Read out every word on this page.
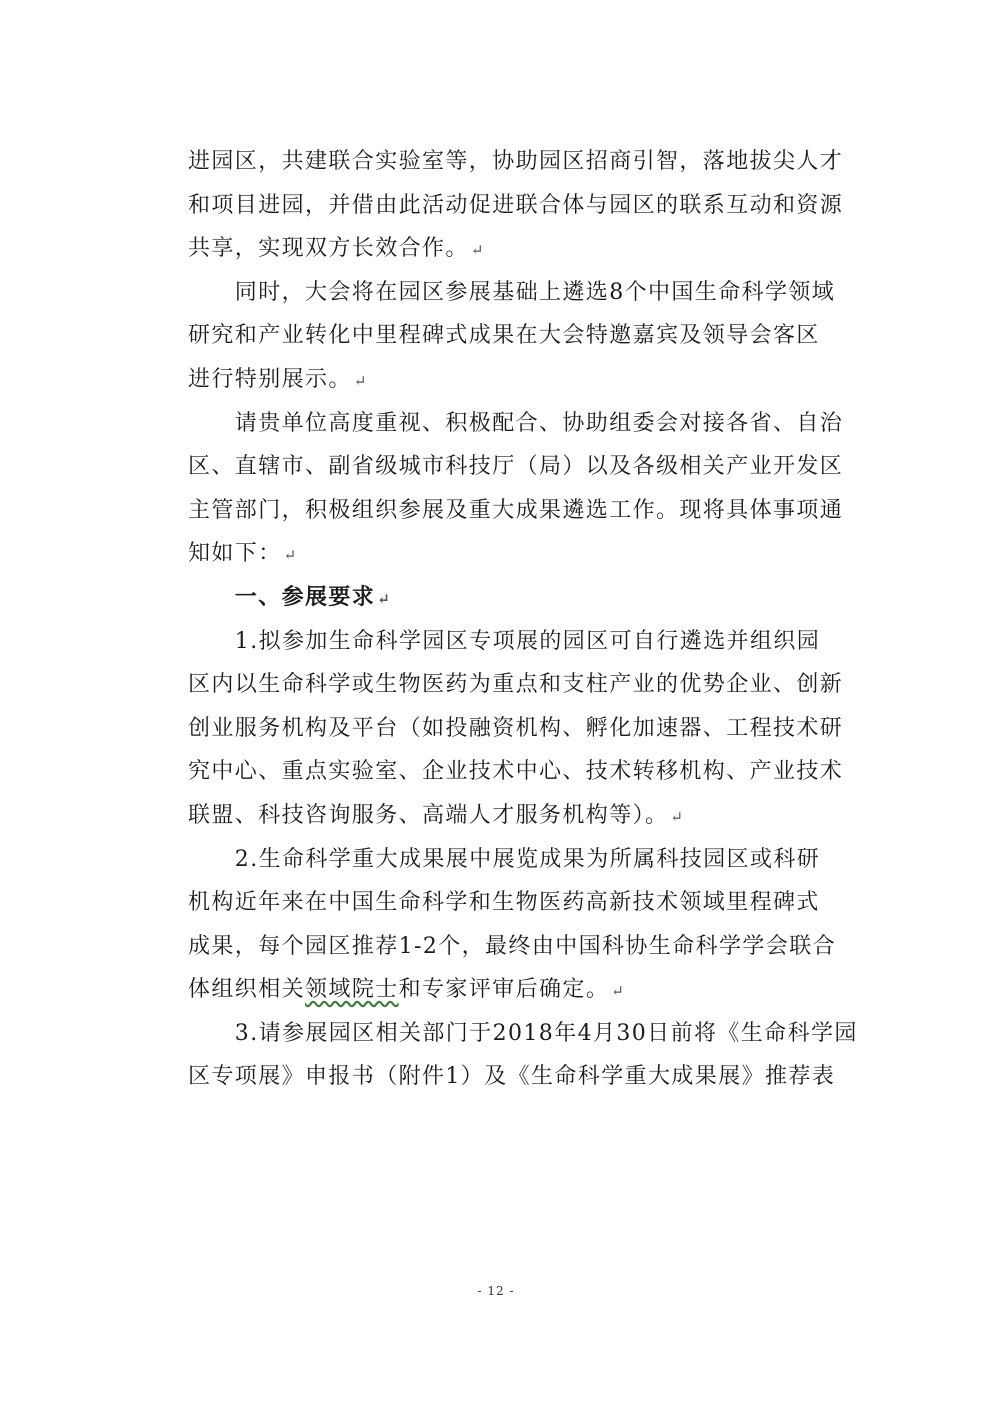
进园区，共建联合实验室等，协助园区招商引智，落地拔尖人才
和项目进园，并借由此活动促进联合体与园区的联系互动和资源
共享，实现双方长效合作。 ↵
同时，大会将在园区参展基础上遴选8个中国生命科学领域
研究和产业转化中里程碑式成果在大会特邀嘉宾及领导会客区
进行特别展示。 ↵
请贵单位高度重视、积极配合、协助组委会对接各省、自治
区、直辖市、副省级城市科技厅（局）以及各级相关产业开发区
主管部门，积极组织参展及重大成果遴选工作。现将具体事项通
知如下： ↵
一、参展要求 ↵
1.拟参加生命科学园区专项展的园区可自行遴选并组织园
区内以生命科学或生物医药为重点和支柱产业的优势企业、创新
创业服务机构及平台（如投融资机构、孵化加速器、工程技术研
究中心、重点实验室、企业技术中心、技术转移机构、产业技术
联盟、科技咨询服务、高端人才服务机构等）。 ↵
2.生命科学重大成果展中展览成果为所属科技园区或科研
机构近年来在中国生命科学和生物医药高新技术领域里程碑式
成果，每个园区推荐1-2个，最终由中国科协生命科学学会联合
体组织相关领域院士和专家评审后确定。 ↵
3.请参展园区相关部门于2018年4月30日前将《生命科学园
区专项展》申报书（附件1）及《生命科学重大成果展》推荐表
- 12 -
